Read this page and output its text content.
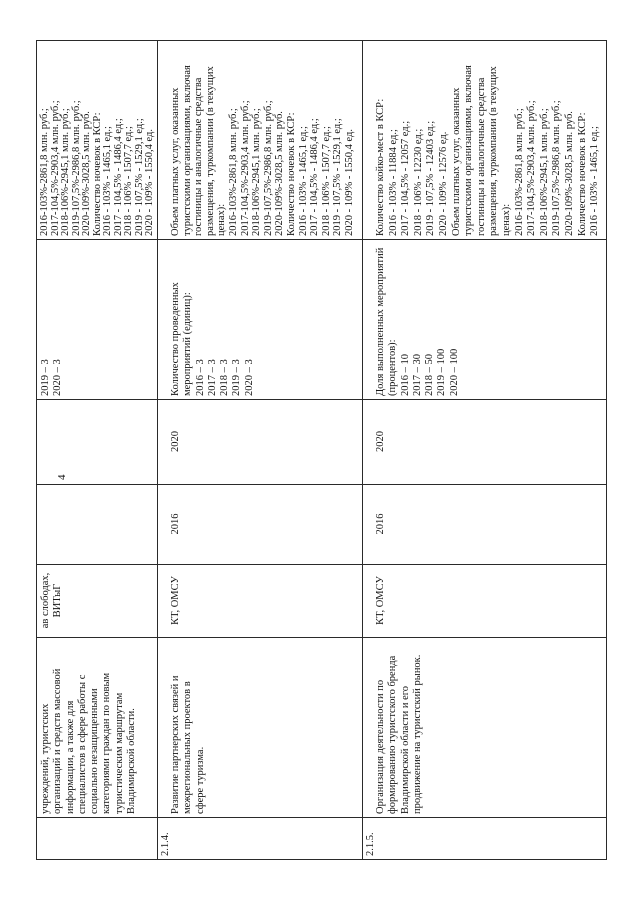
4
учреждений, туристских организаций и средств массовой информации, а также для специалистов в сфере работы с социально незащищенными категориями граждан по новым туристическим маршрутам Владимирской области.
ав слободах, ВИТыГ
2019 – 3 2020 – 3
2016-103%-2861,8 млн. руб.; 2017-104,5%-2903,4 млн. руб.; 2018-106%-2945,1 млн. руб.; 2019-107,5%-2986,8 млн. руб.; 2020-109%-3028,5 млн. руб. Количество ночевок в КСР: 2016 - 103% - 1465,1 ед.; 2017 - 104,5% - 1486,4 ед.; 2018 - 106% - 1507,7 ед.; 2019 - 107,5% - 1529,1 ед.; 2020 - 109% - 1550,4 ед.
2.1.4.
Развитие партнерских связей и межрегиональных проектов в сфере туризма.
КТ, ОМСУ
2016
2020
Количество проведенных мероприятий (единиц): 2016 – 3 2017 – 3 2018 – 3 2019 – 3 2020 – 3
Объем платных услуг, оказанных туристскими организациями, включая гостиницы и аналогичные средства размещения, туркомпании (в текущих ценах): 2016-103%-2861,8 млн. руб.; 2017-104,5%-2903,4 млн. руб.; 2018-106%-2945,1 млн. руб.; 2019-107,5%-2986,8 млн. руб.; 2020-109%-3028,5 млн. руб. Количество ночевок в КСР: 2016 - 103% - 1465,1 ед.; 2017 - 104,5% - 1486,4 ед.; 2018 - 106% - 1507,7 ед.; 2019 - 107,5% - 1529,1 ед.; 2020 - 109% - 1550,4 ед.
2.1.5.
Организация деятельности по формированию туристского бренда Владимирской области и его продвижение на туристский рынок.
КТ, ОМСУ
2016
2020
Доля выполненных мероприятий (процентов): 2016 – 10 2017 – 30 2018 – 50 2019 – 100 2020 – 100
Количество койко-мест в КСР: 2016 - 103% - 11884 ед.; 2017 - 104,5% - 12057 ед.; 2018 - 106% - 12230 ед.; 2019 - 107,5% - 12403 ед.; 2020 - 109% - 12576 ед. Объем платных услуг, оказанных туристскими организациями, включая гостиницы и аналогичные средства размещения, туркомпании (в текущих ценах): 2016-103%-2861,8 млн. руб.; 2017-104,5%-2903,4 млн. руб.; 2018-106%-2945,1 млн. руб.; 2019-107,5%-2986,8 млн. руб.; 2020-109%-3028,5 млн. руб. Количество ночевок в КСР: 2016 - 103% - 1465,1 ед.;
